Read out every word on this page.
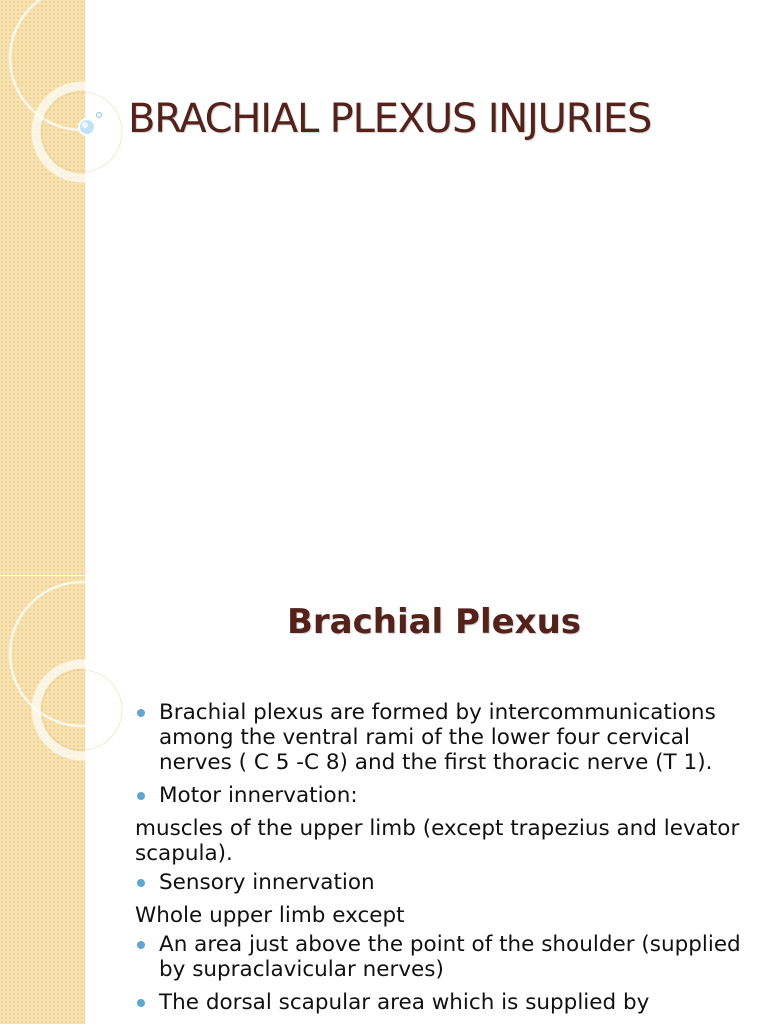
BRACHIAL PLEXUS INJURIES
Brachial Plexus
Brachial plexus are formed by intercommunications among the ventral rami of the lower four cervical nerves ( C 5 -C 8) and the first thoracic nerve (T 1).
Motor innervation:
muscles of the upper limb (except trapezius and levator scapula).
Sensory innervation
Whole upper limb except
An area just above the point of the shoulder (supplied by supraclavicular nerves)
The dorsal scapular area which is supplied by
